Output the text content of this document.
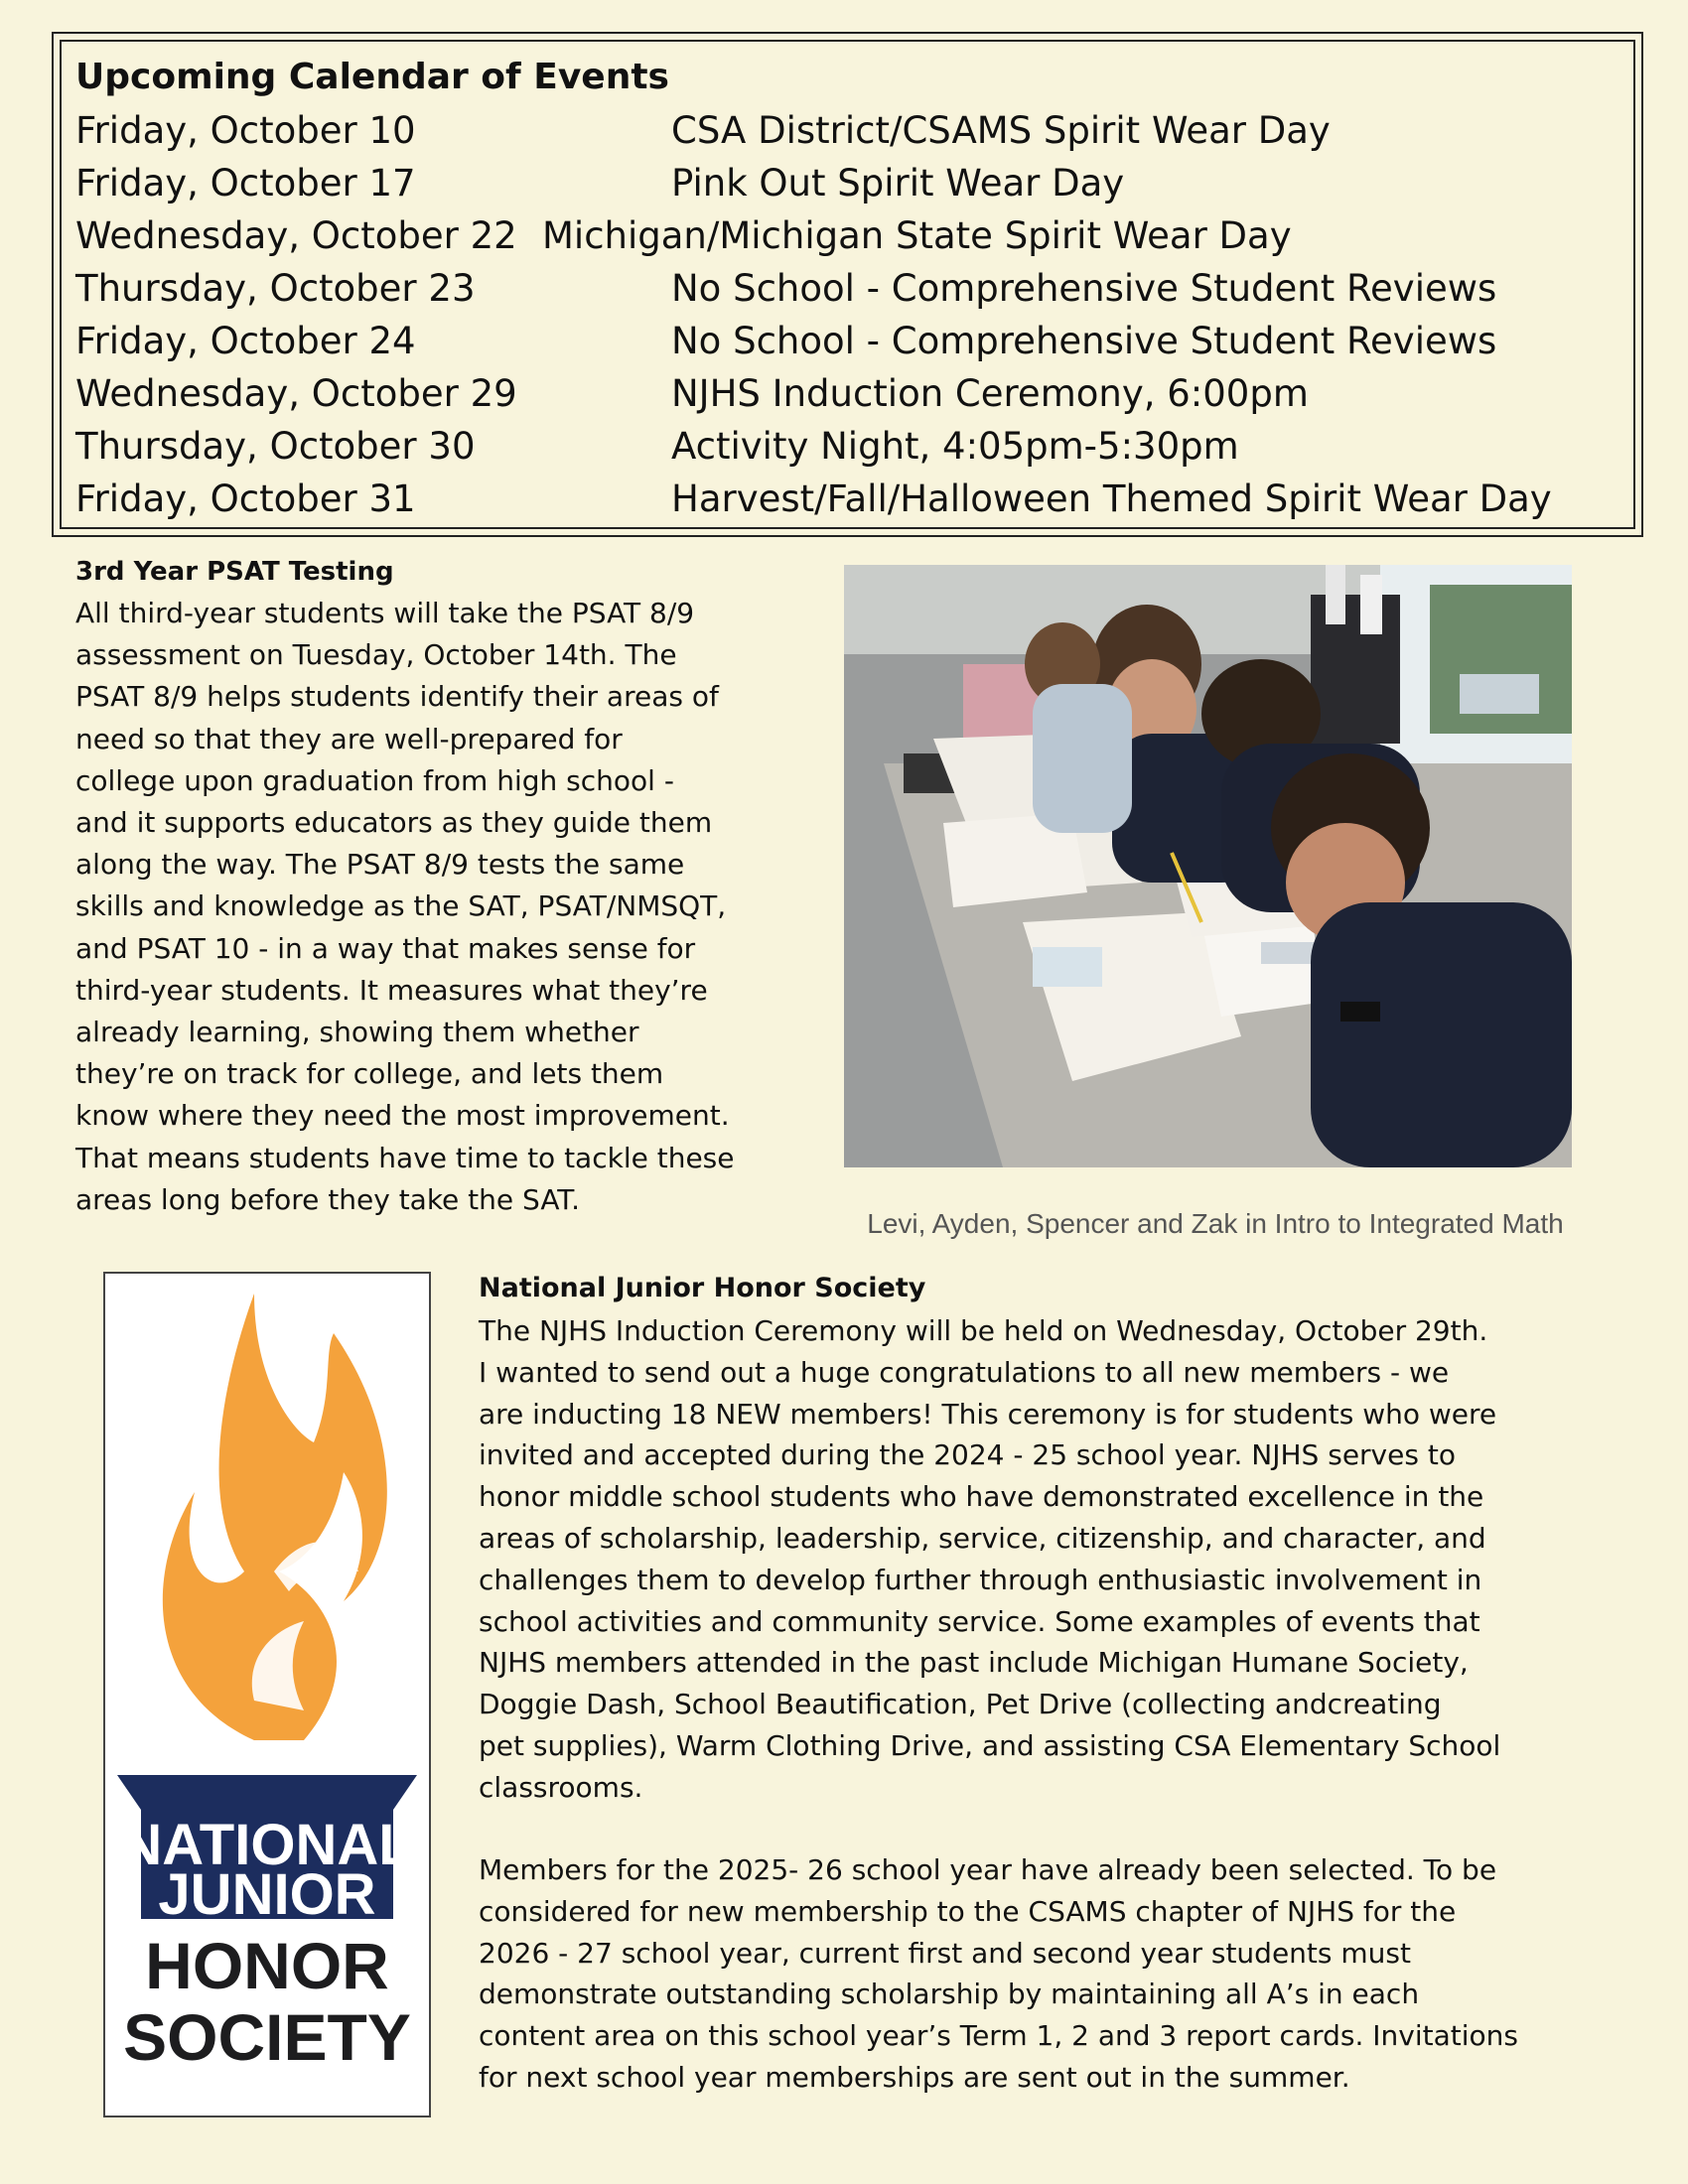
Upcoming Calendar of Events
Friday, October 10	CSA District/CSAMS Spirit Wear Day
Friday, October 17	Pink Out Spirit Wear Day
Wednesday, October 22 Michigan/Michigan State Spirit Wear Day
Thursday, October 23	No School - Comprehensive Student Reviews
Friday, October 24	No School - Comprehensive Student Reviews
Wednesday, October 29	NJHS Induction Ceremony, 6:00pm
Thursday, October 30	Activity Night, 4:05pm-5:30pm
Friday, October 31	Harvest/Fall/Halloween Themed Spirit Wear Day
3rd Year PSAT Testing
All third-year students will take the PSAT 8/9
assessment on Tuesday, October 14th. The
PSAT 8/9 helps students identify their areas of
need so that they are well-prepared for
college upon graduation from high school -
and it supports educators as they guide them
along the way. The PSAT 8/9 tests the same
skills and knowledge as the SAT, PSAT/NMSQT,
and PSAT 10 - in a way that makes sense for
third-year students. It measures what they’re
already learning, showing them whether
they’re on track for college, and lets them
know where they need the most improvement.
That means students have time to tackle these
areas long before they take the SAT.
Levi, Ayden, Spencer and Zak in Intro to Integrated Math
NATIONAL
JUNIOR
HONOR
SOCIETY
National Junior Honor Society
The NJHS Induction Ceremony will be held on Wednesday, October 29th.
I wanted to send out a huge congratulations to all new members - we
are inducting 18 NEW members! This ceremony is for students who were
invited and accepted during the 2024 - 25 school year. NJHS serves to
honor middle school students who have demonstrated excellence in the
areas of scholarship, leadership, service, citizenship, and character, and
challenges them to develop further through enthusiastic involvement in
school activities and community service. Some examples of events that
NJHS members attended in the past include Michigan Humane Society,
Doggie Dash, School Beautification, Pet Drive (collecting andcreating
pet supplies), Warm Clothing Drive, and assisting CSA Elementary School
classrooms.
Members for the 2025- 26 school year have already been selected. To be
considered for new membership to the CSAMS chapter of NJHS for the
2026 - 27 school year, current first and second year students must
demonstrate outstanding scholarship by maintaining all A’s in each
content area on this school year’s Term 1, 2 and 3 report cards. Invitations
for next school year memberships are sent out in the summer.
